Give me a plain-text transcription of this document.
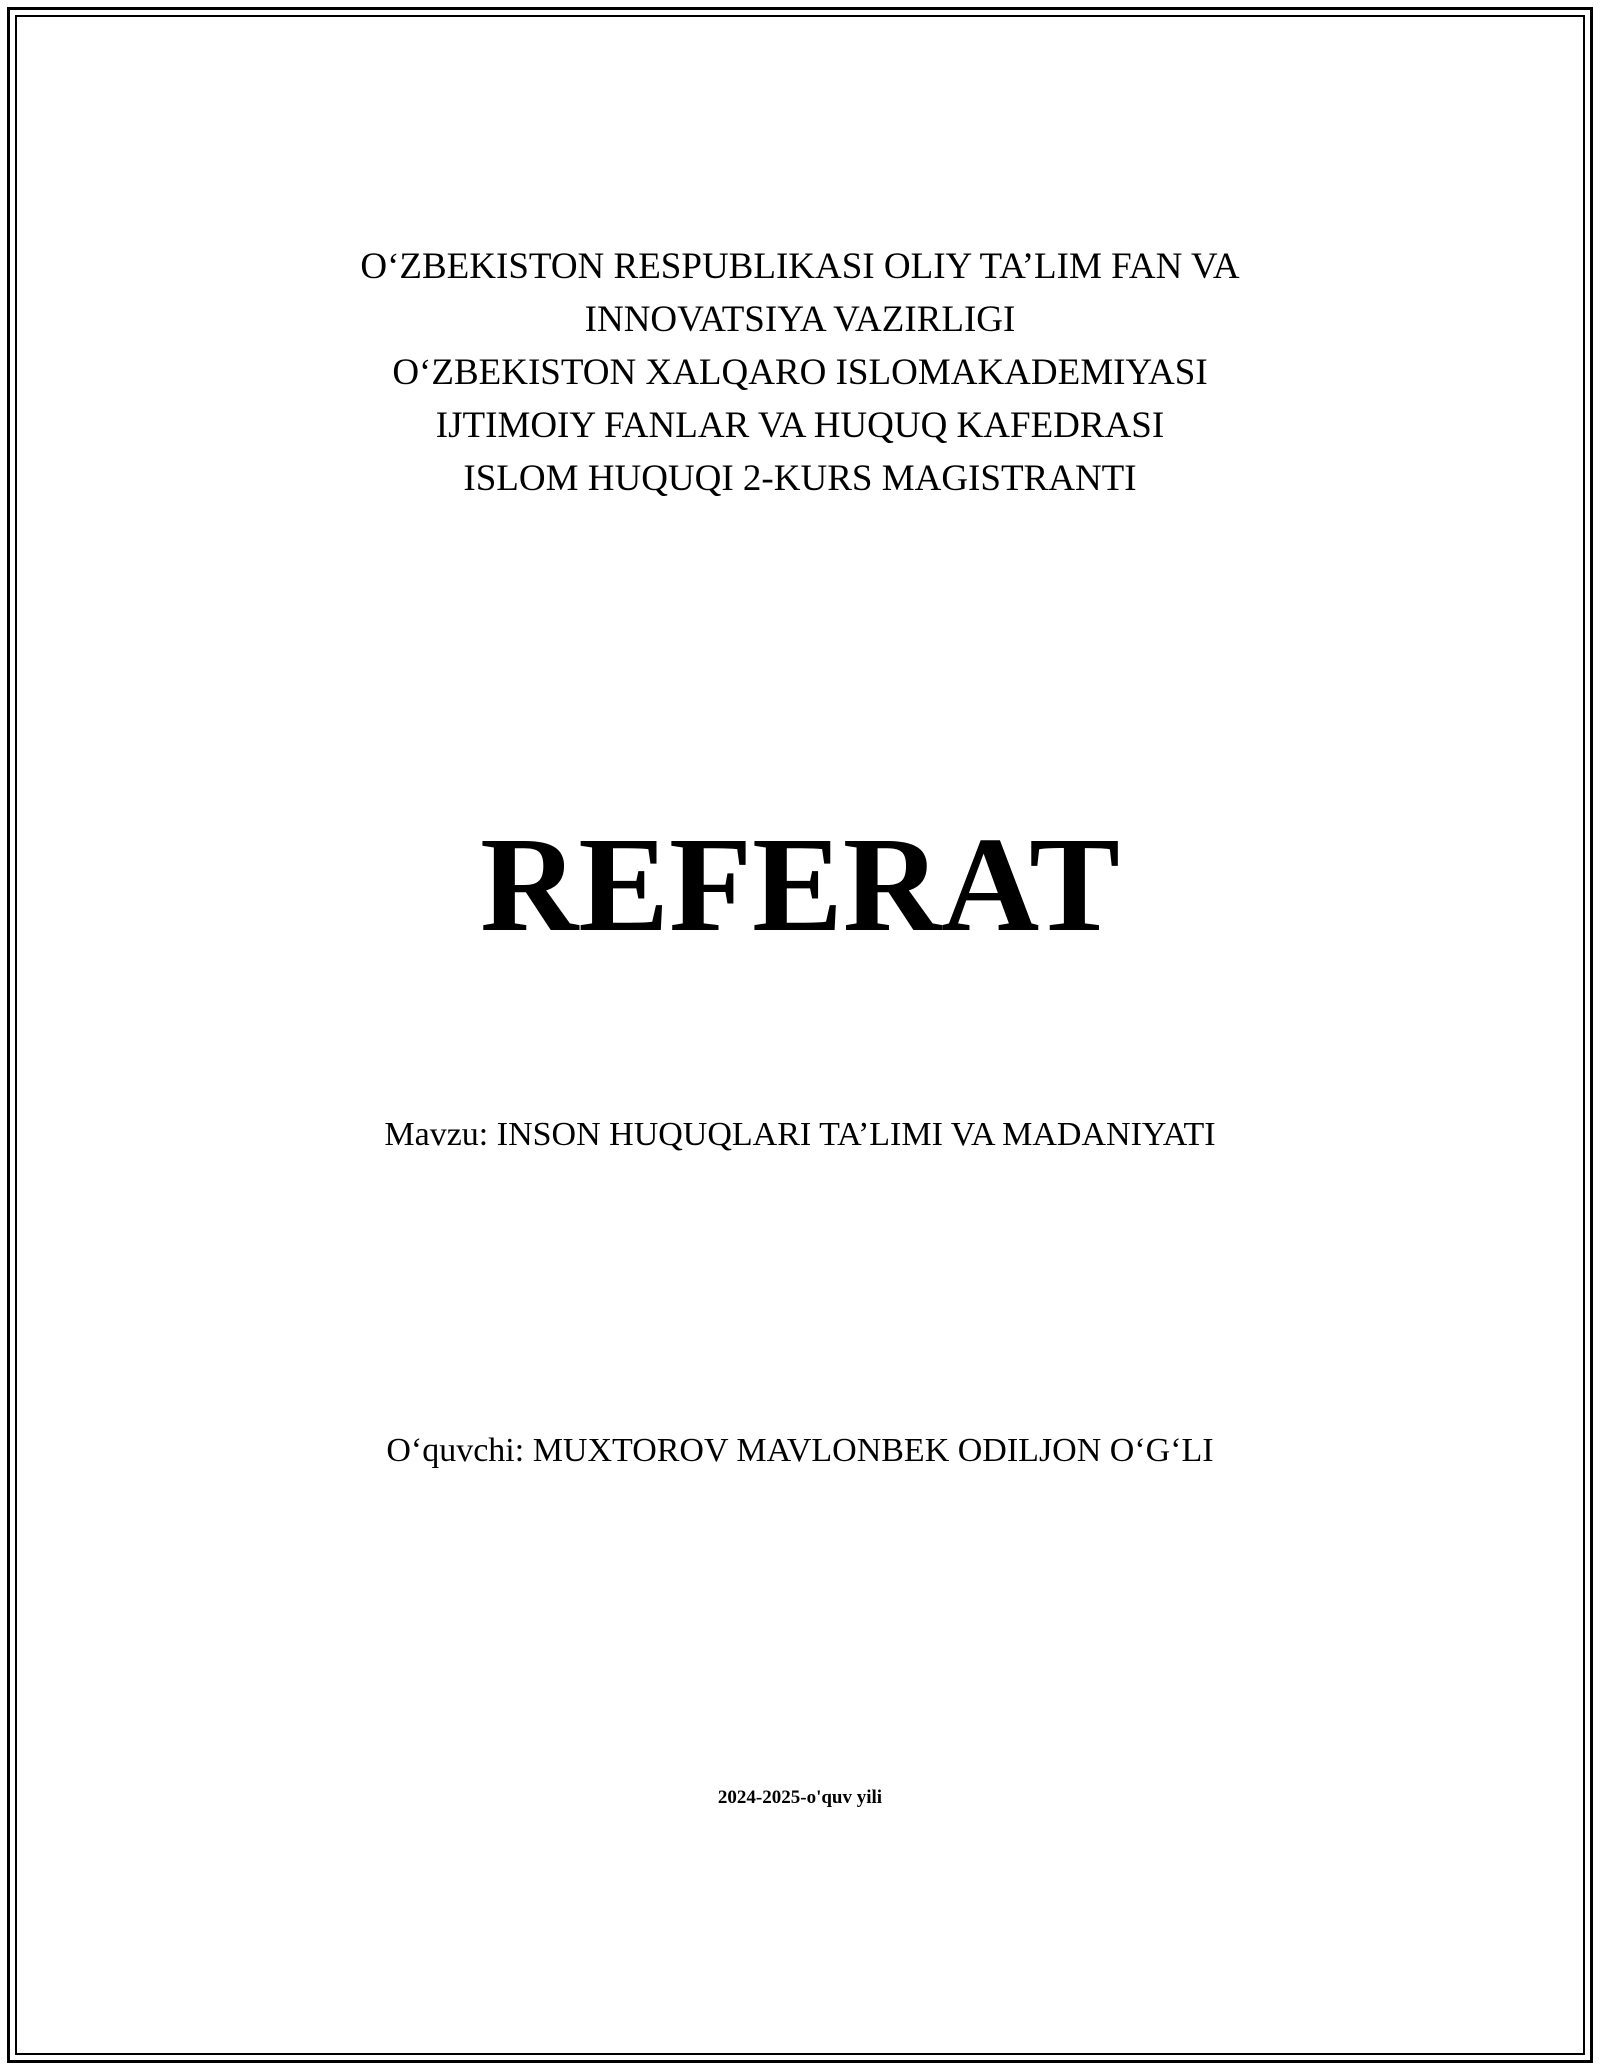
O‘ZBEKISTON RESPUBLIKASI OLIY TA’LIM FAN VA
INNOVATSIYA VAZIRLIGI
O‘ZBEKISTON XALQARO ISLOMAKADEMIYASI
IJTIMOIY FANLAR VA HUQUQ KAFEDRASI
ISLOM HUQUQI 2-KURS MAGISTRANTI
REFERAT
Mavzu: INSON HUQUQLARI TA’LIMI VA MADANIYATI
O‘quvchi: MUXTOROV MAVLONBEK ODILJON O‘G‘LI
2024-2025-o'quv yili
